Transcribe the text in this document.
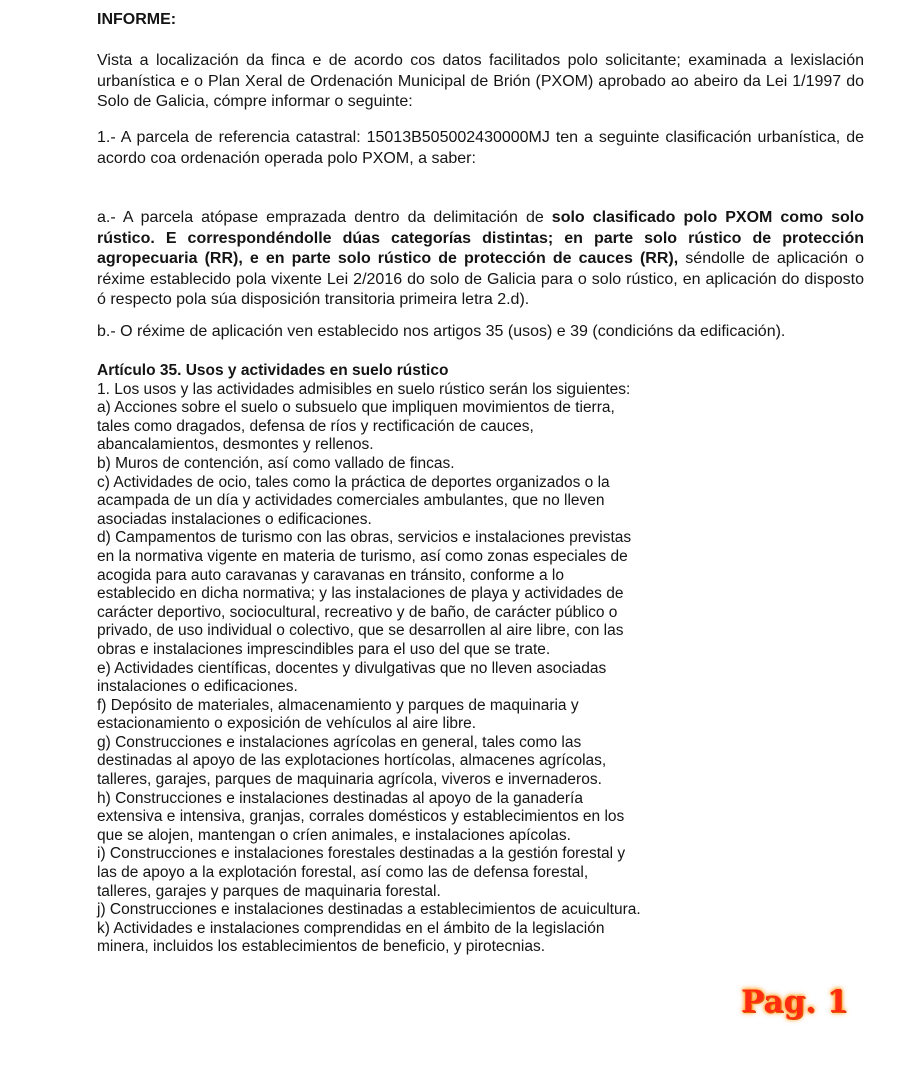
INFORME:

Vista a localización da finca e de acordo cos datos facilitados polo solicitante; examinada a lexislación urbanística e o Plan Xeral de Ordenación Municipal de Brión (PXOM) aprobado ao abeiro da Lei 1/1997 do Solo de Galicia, cómpre informar o seguinte:

1.- A parcela de referencia catastral: 15013B505002430000MJ ten a seguinte clasificación urbanística, de acordo coa ordenación operada polo PXOM, a saber:

a.- A parcela atópase emprazada dentro da delimitación de solo clasificado polo PXOM como solo rústico. E correspondéndolle dúas categorías distintas; en parte solo rústico de protección agropecuaria (RR), e en parte solo rústico de protección de cauces (RR), séndolle de aplicación o réxime establecido pola vixente Lei 2/2016 do solo de Galicia para o solo rústico, en aplicación do disposto ó respecto pola súa disposición transitoria primeira letra 2.d).

b.- O réxime de aplicación ven establecido nos artigos 35 (usos) e 39 (condicións da edificación).

Artículo 35. Usos y actividades en suelo rústico
1. Los usos y las actividades admisibles en suelo rústico serán los siguientes:
a) Acciones sobre el suelo o subsuelo que impliquen movimientos de tierra,
tales como dragados, defensa de ríos y rectificación de cauces,
abancalamientos, desmontes y rellenos.
b) Muros de contención, así como vallado de fincas.
c) Actividades de ocio, tales como la práctica de deportes organizados o la
acampada de un día y actividades comerciales ambulantes, que no lleven
asociadas instalaciones o edificaciones.
d) Campamentos de turismo con las obras, servicios e instalaciones previstas
en la normativa vigente en materia de turismo, así como zonas especiales de
acogida para auto caravanas y caravanas en tránsito, conforme a lo
establecido en dicha normativa; y las instalaciones de playa y actividades de
carácter deportivo, sociocultural, recreativo y de baño, de carácter público o
privado, de uso individual o colectivo, que se desarrollen al aire libre, con las
obras e instalaciones imprescindibles para el uso del que se trate.
e) Actividades científicas, docentes y divulgativas que no lleven asociadas
instalaciones o edificaciones.
f) Depósito de materiales, almacenamiento y parques de maquinaria y
estacionamiento o exposición de vehículos al aire libre.
g) Construcciones e instalaciones agrícolas en general, tales como las
destinadas al apoyo de las explotaciones hortícolas, almacenes agrícolas,
talleres, garajes, parques de maquinaria agrícola, viveros e invernaderos.
h) Construcciones e instalaciones destinadas al apoyo de la ganadería
extensiva e intensiva, granjas, corrales domésticos y establecimientos en los
que se alojen, mantengan o críen animales, e instalaciones apícolas.
i) Construcciones e instalaciones forestales destinadas a la gestión forestal y
las de apoyo a la explotación forestal, así como las de defensa forestal,
talleres, garajes y parques de maquinaria forestal.
j) Construcciones e instalaciones destinadas a establecimientos de acuicultura.
k) Actividades e instalaciones comprendidas en el ámbito de la legislación
minera, incluidos los establecimientos de beneficio, y pirotecnias.
Pag. 1
